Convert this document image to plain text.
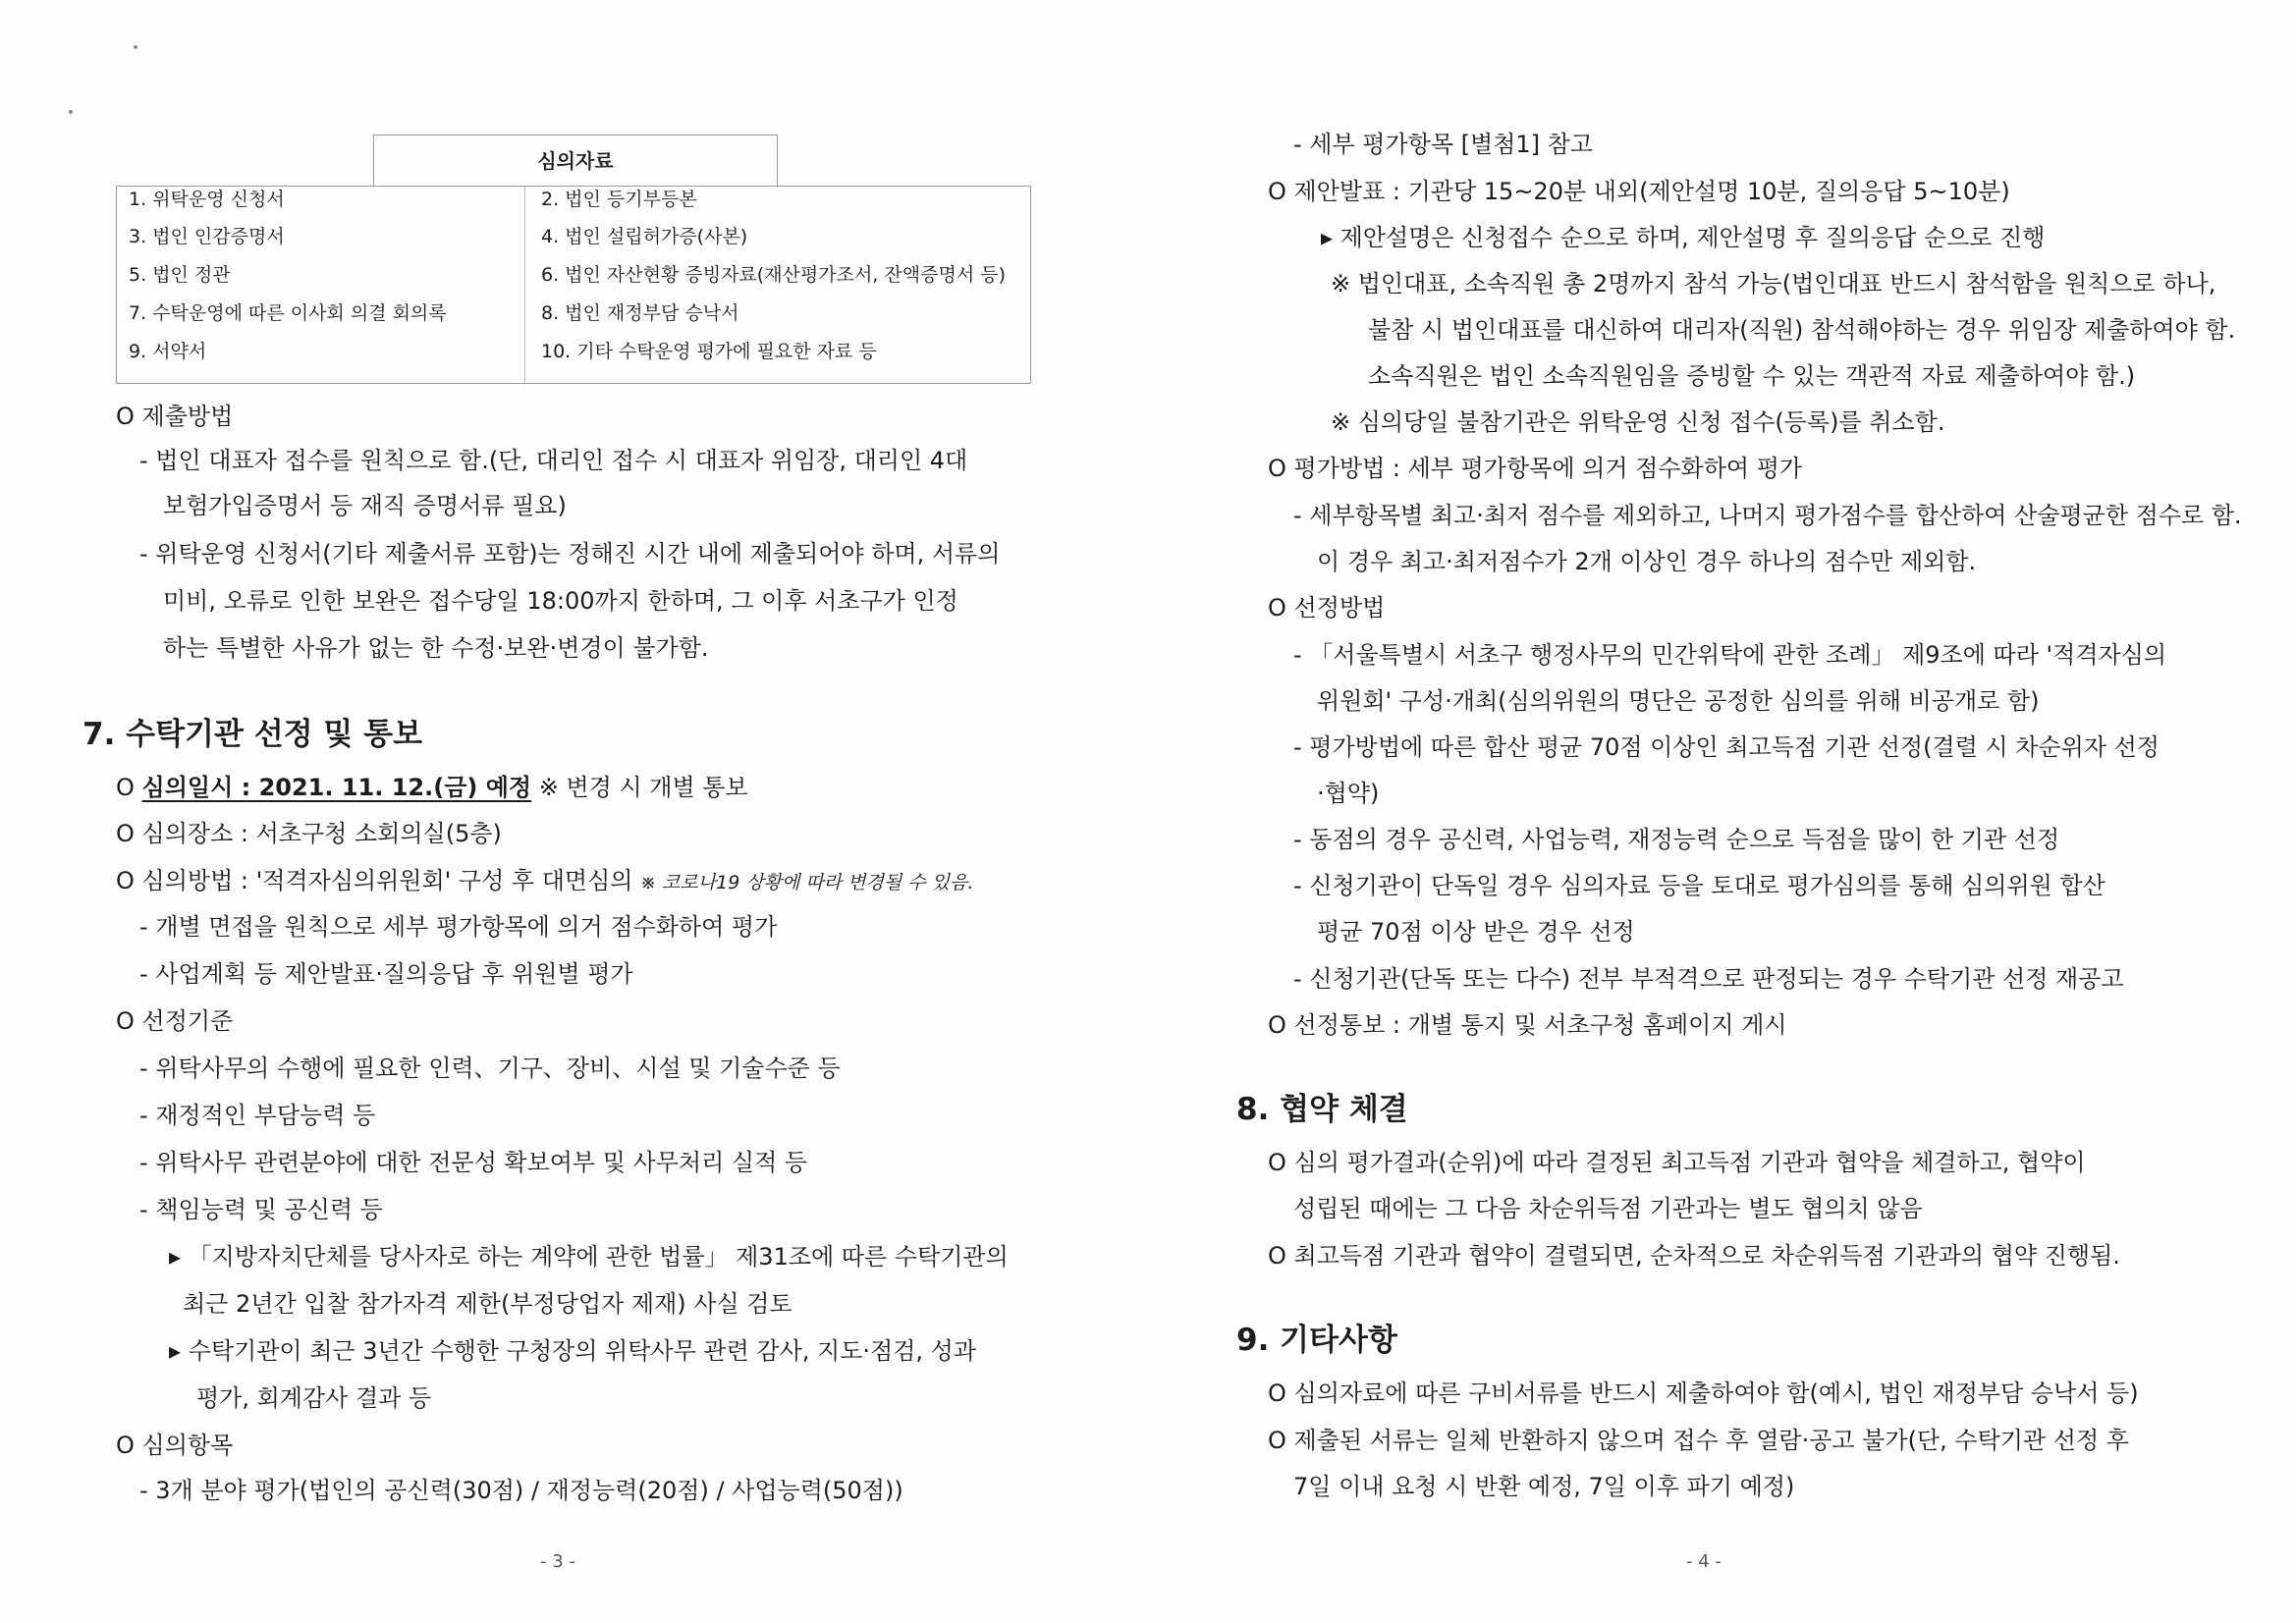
심의자료
1. 위탁운영 신청서
3. 법인 인감증명서
5. 법인 정관
7. 수탁운영에 따른 이사회 의결 회의록
9. 서약서
2. 법인 등기부등본
4. 법인 설립허가증(사본)
6. 법인 자산현황 증빙자료(재산평가조서, 잔액증명서 등)
8. 법인 재정부담 승낙서
10. 기타 수탁운영 평가에 필요한 자료 등
O 제출방법
- 법인 대표자 접수를 원칙으로 함.(단, 대리인 접수 시 대표자 위임장, 대리인 4대
보험가입증명서 등 재직 증명서류 필요)
- 위탁운영 신청서(기타 제출서류 포함)는 정해진 시간 내에 제출되어야 하며, 서류의
미비, 오류로 인한 보완은 접수당일 18:00까지 한하며, 그 이후 서초구가 인정
하는 특별한 사유가 없는 한 수정·보완·변경이 불가함.
7. 수탁기관 선정 및 통보
O 심의일시 : 2021. 11. 12.(금) 예정 ※ 변경 시 개별 통보
O 심의장소 : 서초구청 소회의실(5층)
O 심의방법 : '적격자심의위원회' 구성 후 대면심의 ※ 코로나19 상황에 따라 변경될 수 있음.
- 개별 면접을 원칙으로 세부 평가항목에 의거 점수화하여 평가
- 사업계획 등 제안발표·질의응답 후 위원별 평가
O 선정기준
- 위탁사무의 수행에 필요한 인력、기구、장비、시설 및 기술수준 등
- 재정적인 부담능력 등
- 위탁사무 관련분야에 대한 전문성 확보여부 및 사무처리 실적 등
- 책임능력 및 공신력 등
▸ 「지방자치단체를 당사자로 하는 계약에 관한 법률」 제31조에 따른 수탁기관의
최근 2년간 입찰 참가자격 제한(부정당업자 제재) 사실 검토
▸ 수탁기관이 최근 3년간 수행한 구청장의 위탁사무 관련 감사, 지도·점검, 성과
평가, 회계감사 결과 등
O 심의항목
- 3개 분야 평가(법인의 공신력(30점) / 재정능력(20점) / 사업능력(50점))
- 3 -
- 세부 평가항목 [별첨1] 참고
O 제안발표 : 기관당 15~20분 내외(제안설명 10분, 질의응답 5~10분)
▸ 제안설명은 신청접수 순으로 하며, 제안설명 후 질의응답 순으로 진행
※ 법인대표, 소속직원 총 2명까지 참석 가능(법인대표 반드시 참석함을 원칙으로 하나,
불참 시 법인대표를 대신하여 대리자(직원) 참석해야하는 경우 위임장 제출하여야 함.
소속직원은 법인 소속직원임을 증빙할 수 있는 객관적 자료 제출하여야 함.)
※ 심의당일 불참기관은 위탁운영 신청 접수(등록)를 취소함.
O 평가방법 : 세부 평가항목에 의거 점수화하여 평가
- 세부항목별 최고·최저 점수를 제외하고, 나머지 평가점수를 합산하여 산술평균한 점수로 함.
이 경우 최고·최저점수가 2개 이상인 경우 하나의 점수만 제외함.
O 선정방법
- 「서울특별시 서초구 행정사무의 민간위탁에 관한 조례」 제9조에 따라 '적격자심의
위원회' 구성·개최(심의위원의 명단은 공정한 심의를 위해 비공개로 함)
- 평가방법에 따른 합산 평균 70점 이상인 최고득점 기관 선정(결렬 시 차순위자 선정
·협약)
- 동점의 경우 공신력, 사업능력, 재정능력 순으로 득점을 많이 한 기관 선정
- 신청기관이 단독일 경우 심의자료 등을 토대로 평가심의를 통해 심의위원 합산
평균 70점 이상 받은 경우 선정
- 신청기관(단독 또는 다수) 전부 부적격으로 판정되는 경우 수탁기관 선정 재공고
O 선정통보 : 개별 통지 및 서초구청 홈페이지 게시
8. 협약 체결
O 심의 평가결과(순위)에 따라 결정된 최고득점 기관과 협약을 체결하고, 협약이
성립된 때에는 그 다음 차순위득점 기관과는 별도 협의치 않음
O 최고득점 기관과 협약이 결렬되면, 순차적으로 차순위득점 기관과의 협약 진행됨.
9. 기타사항
O 심의자료에 따른 구비서류를 반드시 제출하여야 함(예시, 법인 재정부담 승낙서 등)
O 제출된 서류는 일체 반환하지 않으며 접수 후 열람·공고 불가(단, 수탁기관 선정 후
7일 이내 요청 시 반환 예정, 7일 이후 파기 예정)
- 4 -
